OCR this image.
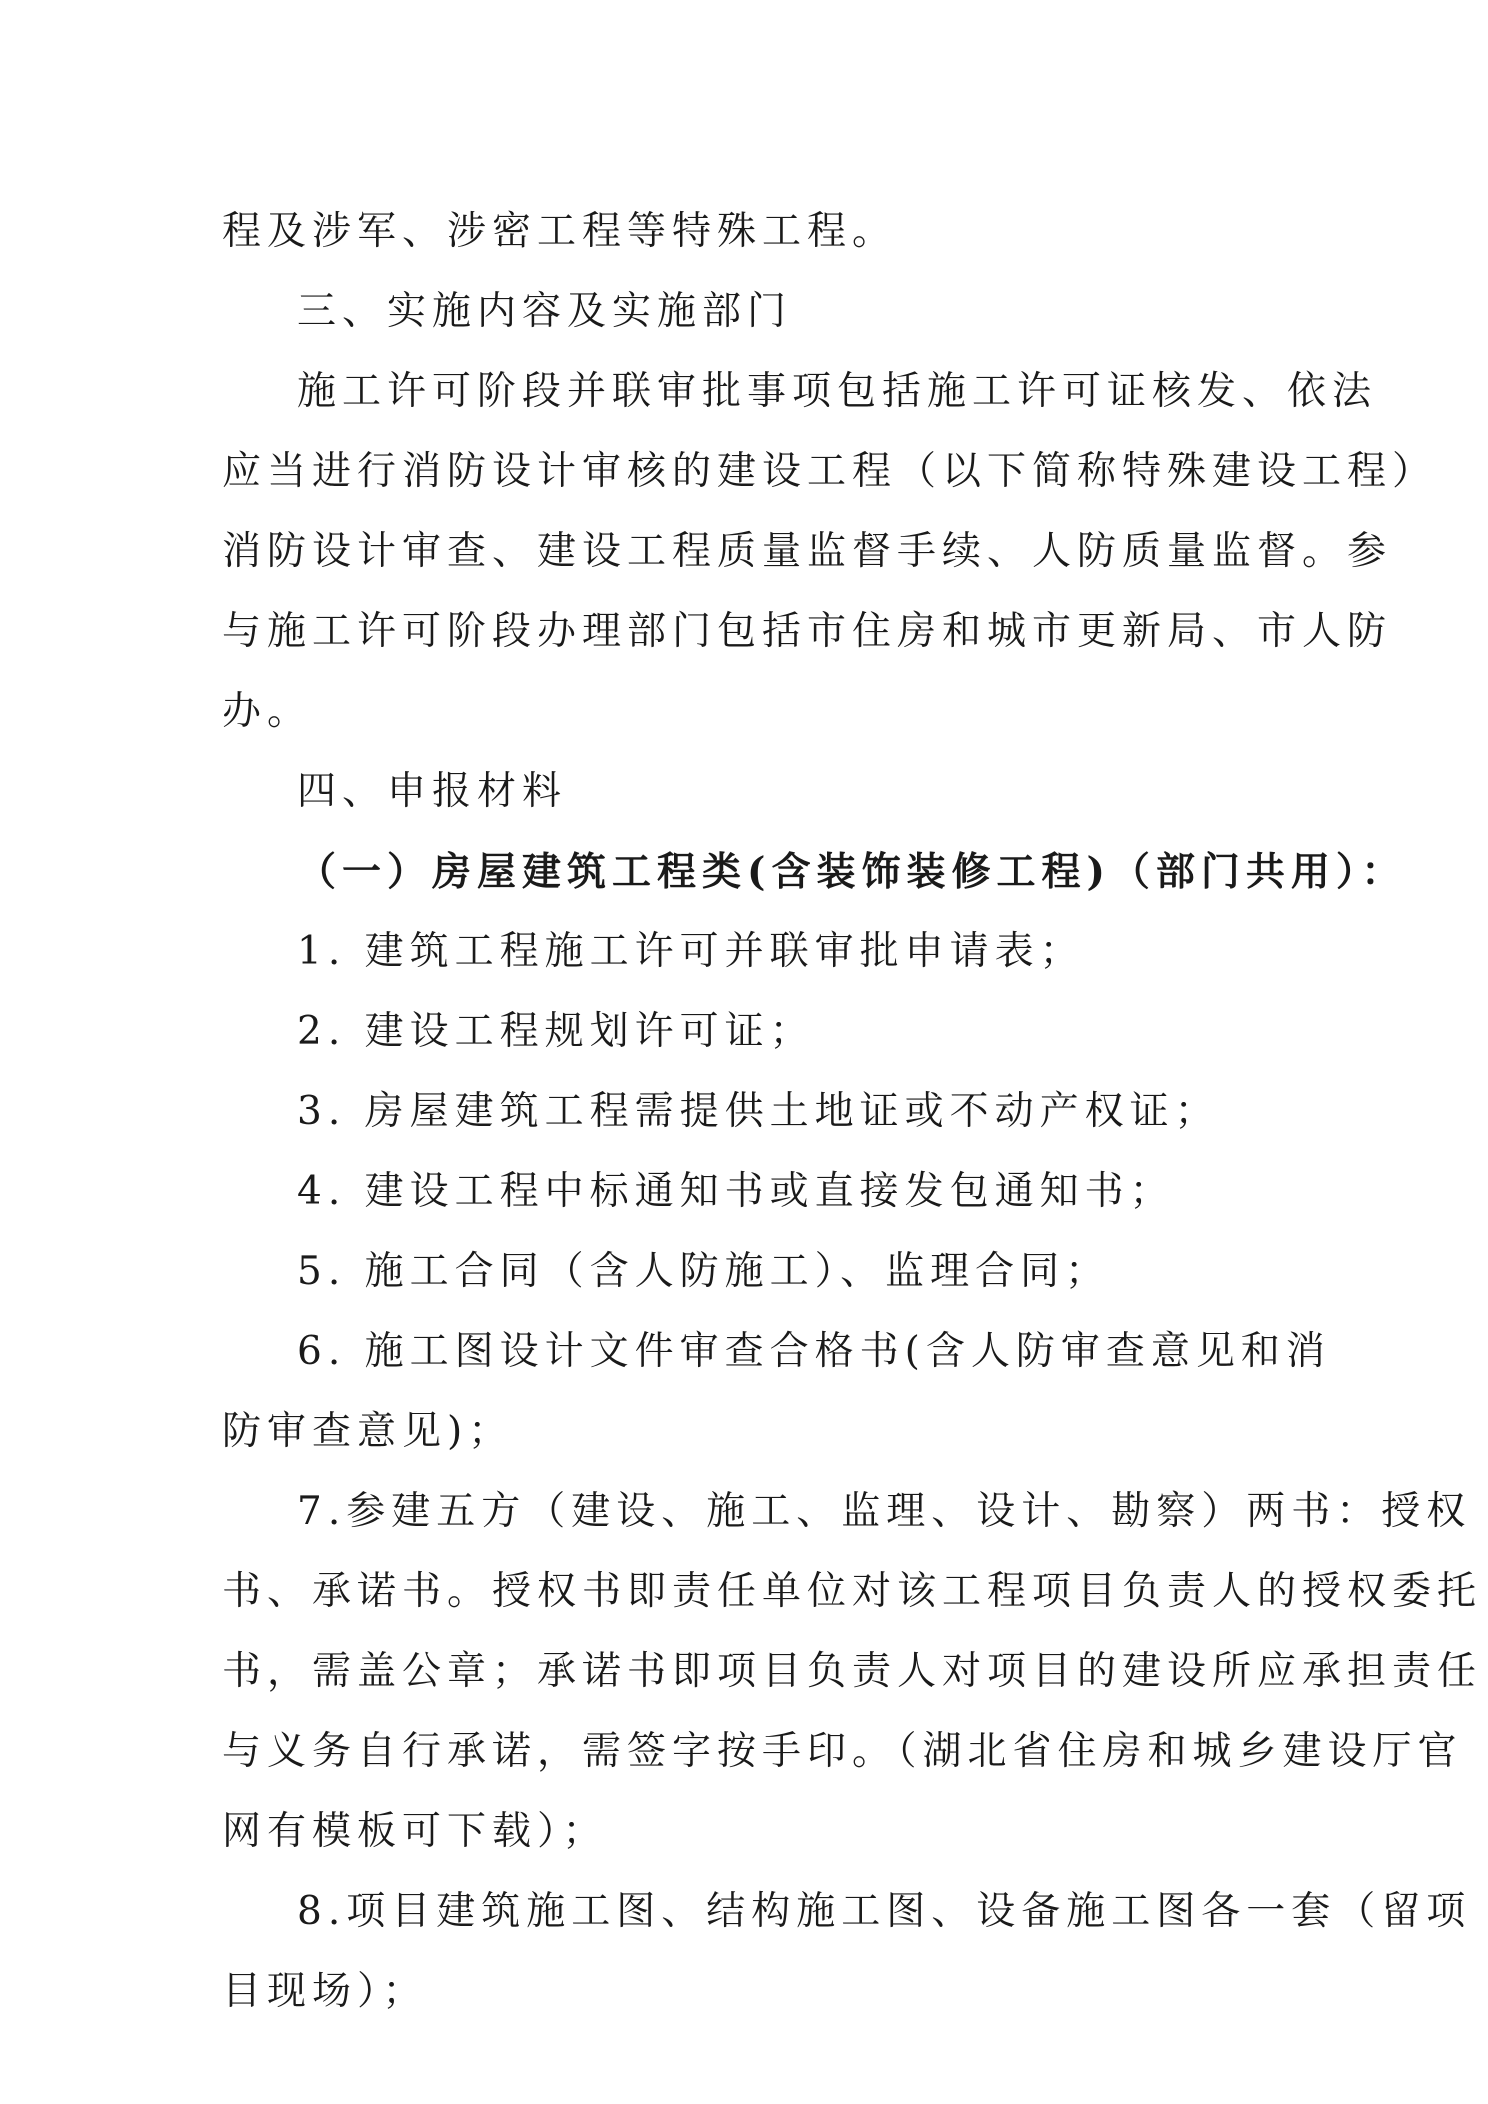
程及涉军、涉密工程等特殊工程。

三、实施内容及实施部门

施工许可阶段并联审批事项包括施工许可证核发、依法

应当进行消防设计审核的建设工程（以下简称特殊建设工程）

消防设计审查、建设工程质量监督手续、人防质量监督。参

与施工许可阶段办理部门包括市住房和城市更新局、市人防

办。

四、申报材料

（一）房屋建筑工程类(含装饰装修工程)（部门共用）：

1. 建筑工程施工许可并联审批申请表；

2. 建设工程规划许可证；

3. 房屋建筑工程需提供土地证或不动产权证；

4. 建设工程中标通知书或直接发包通知书；

5. 施工合同（含人防施工）、监理合同；

6. 施工图设计文件审查合格书(含人防审查意见和消

防审查意见)；

7.参建五方（建设、施工、监理、设计、勘察）两书：授权

书、承诺书。授权书即责任单位对该工程项目负责人的授权委托

书，需盖公章；承诺书即项目负责人对项目的建设所应承担责任

与义务自行承诺，需签字按手印。（湖北省住房和城乡建设厅官

网有模板可下载）；

8.项目建筑施工图、结构施工图、设备施工图各一套（留项

目现场）；
